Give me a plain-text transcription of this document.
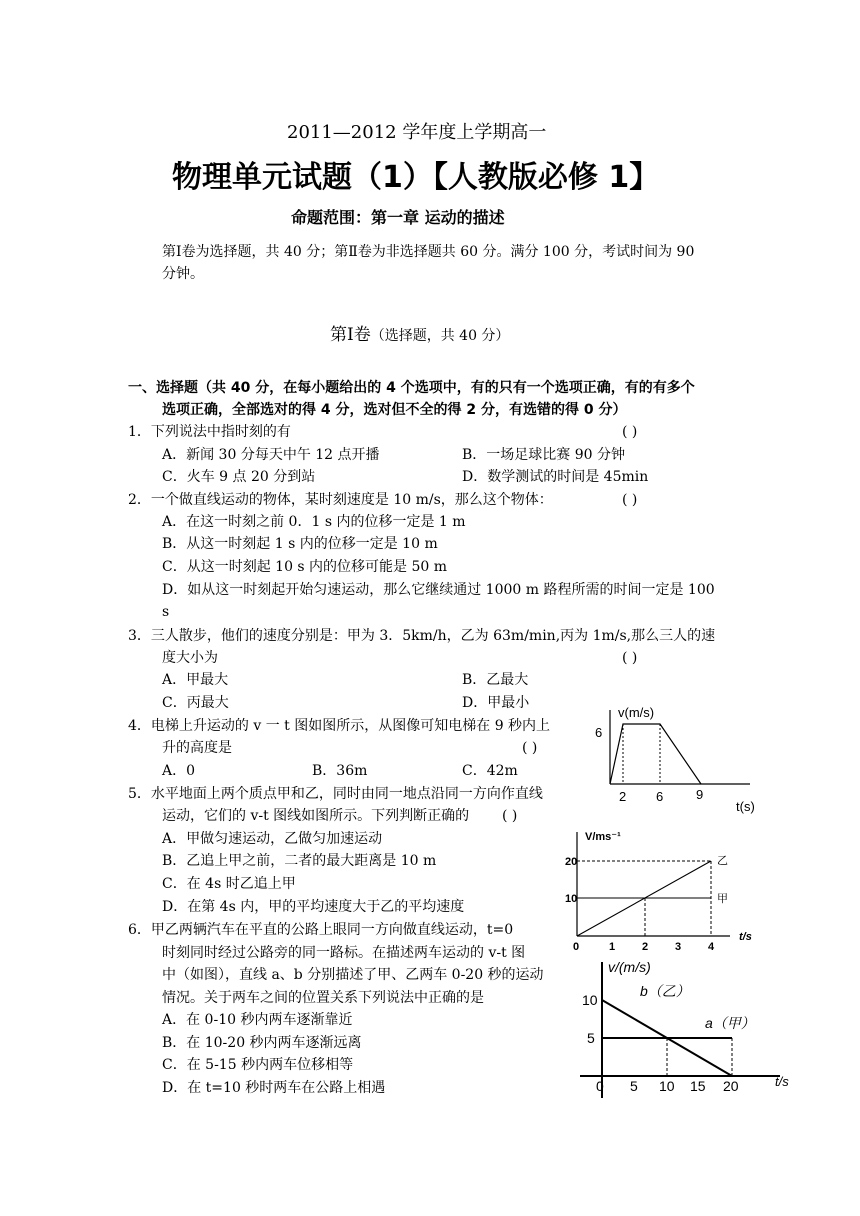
2011—2012 学年度上学期高一
物理单元试题（1）【人教版必修 1】
命题范围：第一章 运动的描述
第Ⅰ卷为选择题，共 40 分；第Ⅱ卷为非选择题共 60 分。满分 100 分，考试时间为 90
分钟。
第Ⅰ卷（选择题，共 40 分）
一、选择题（共 40 分，在每小题给出的 4 个选项中，有的只有一个选项正确，有的有多个
选项正确，全部选对的得 4 分，选对但不全的得 2 分，有选错的得 0 分）
1．下列说法中指时刻的有	( )
A．新闻 30 分每天中午 12 点开播	B．一场足球比赛 90 分钟
C．火车 9 点 20 分到站	D．数学测试的时间是 45min
2．一个做直线运动的物体，某时刻速度是 10 m/s，那么这个物体：	( )
A．在这一时刻之前 0．1 s 内的位移一定是 1 m
B．从这一时刻起 1 s 内的位移一定是 10 m
C．从这一时刻起 10 s 内的位移可能是 50 m
D．如从这一时刻起开始匀速运动，那么它继续通过 1000 m 路程所需的时间一定是 100
s
3．三人散步，他们的速度分别是：甲为 3．5km/h，乙为 63m/min,丙为 1m/s,那么三人的速
度大小为	( )
A．甲最大	B．乙最大
C．丙最大	D．甲最小
4．电梯上升运动的 v 一 t 图如图所示，从图像可知电梯在 9 秒内上
升的高度是	( )
A．0	B．36m	C．42m
5．水平地面上两个质点甲和乙，同时由同一地点沿同一方向作直线
运动，它们的 v-t 图线如图所示。下列判断正确的 ( )
A．甲做匀速运动，乙做匀加速运动
B．乙追上甲之前，二者的最大距离是 10 m
C．在 4s 时乙追上甲
D．在第 4s 内，甲的平均速度大于乙的平均速度
6．甲乙两辆汽车在平直的公路上眼同一方向做直线运动，t=0
时刻同时经过公路旁的同一路标。在描述两车运动的 v-t 图
中（如图），直线 a、b 分别描述了甲、乙两车 0-20 秒的运动
情况。关于两车之间的位置关系下列说法中正确的是
A．在 0-10 秒内两车逐渐靠近
B．在 10-20 秒内两车逐渐远离
C．在 5-15 秒内两车位移相等
D．在 t=10 秒时两车在公路上相遇
v(m/s)
6
2 6	9
t(s)
V/ms⁻¹
20
10
0	1 2 3 4
t/s
甲
乙
v/(m/s)
10
5
0 5 10 15 20	t/s
b（乙）
a（甲）
